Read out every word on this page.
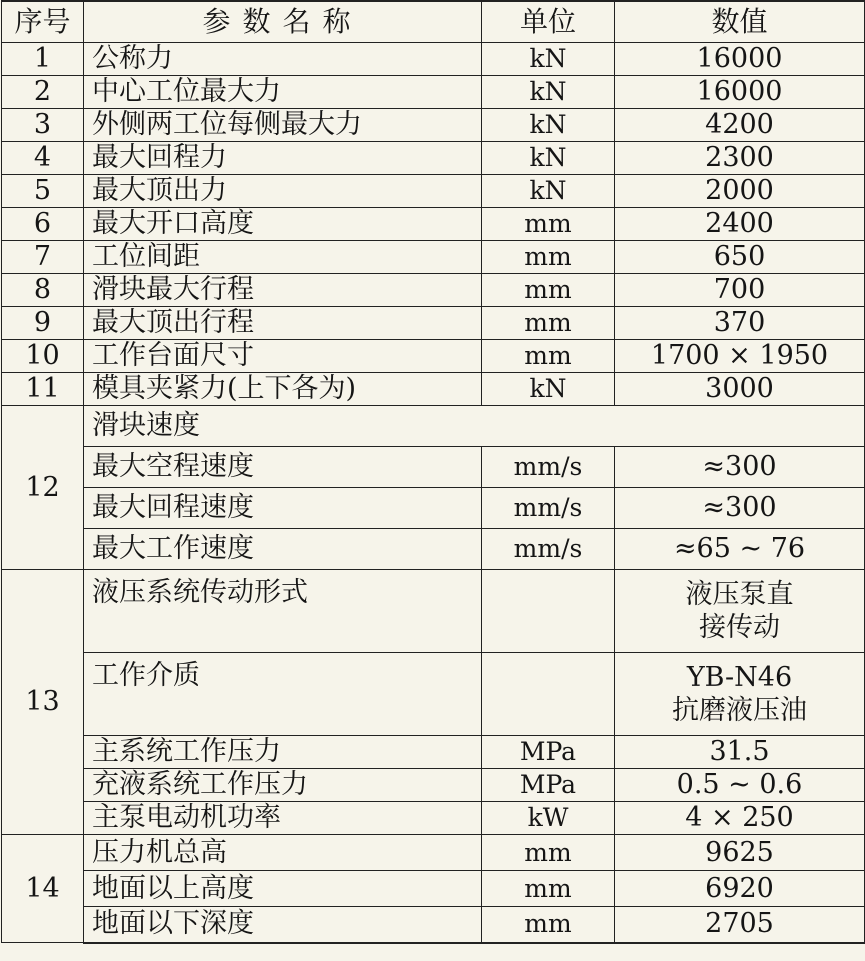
序号	参数名称	单位	数值
1	公称力	kN	16000
2	中心工位最大力	kN	16000
3	外侧两工位每侧最大力	kN	4200
4	最大回程力	kN	2300
5	最大顶出力	kN	2000
6	最大开口高度	mm	2400
7	工位间距	mm	650
8	滑块最大行程	mm	700
9	最大顶出行程	mm	370
10	工作台面尺寸	mm	1700 × 1950
11	模具夹紧力(上下各为)	kN	3000
12	滑块速度		
	最大空程速度	mm/s	≈300
	最大回程速度	mm/s	≈300
	最大工作速度	mm/s	≈65 ~ 76
13	液压系统传动形式		液压泵直
接传动

	工作介质		YB-N46
抗磨液压油

	主系统工作压力	MPa	31.5
	充液系统工作压力	MPa	0.5 ~ 0.6
	主泵电动机功率	kW	4 × 250
14	压力机总高	mm	9625
	地面以上高度	mm	6920
	地面以下深度	mm	2705
